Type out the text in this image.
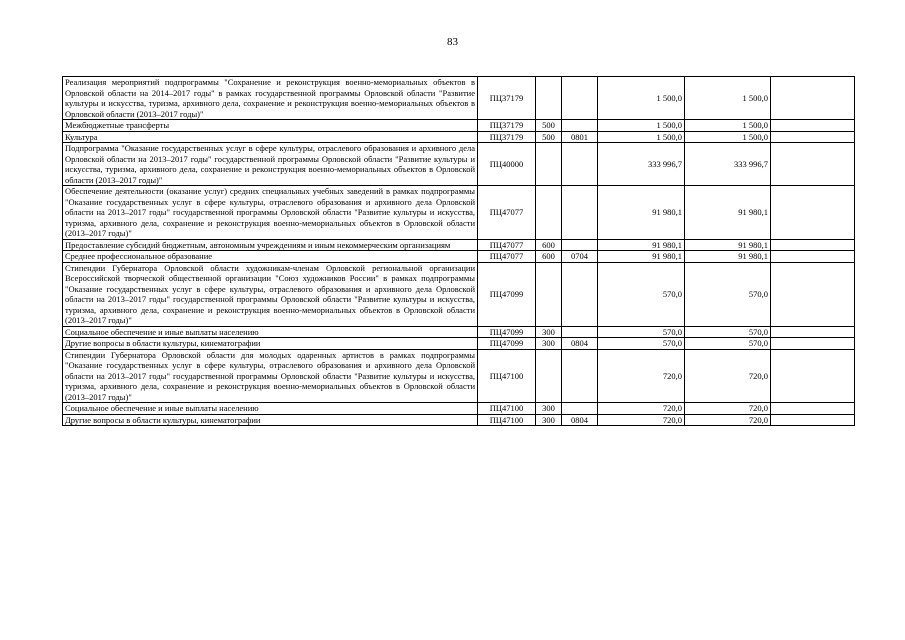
83
Реализация мероприятий подпрограммы "Сохранение и реконструкция военно-мемориальных объектов в Орловской области на 2014–2017 годы" в рамках государственной программы Орловской области "Развитие культуры и искусства, туризма, архивного дела, сохранение и реконструкция военно-мемориальных объектов в Орловской области (2013–2017 годы)"	ПЦ37179			1 500,0	1 500,0	
Межбюджетные трансферты	ПЦ37179	500		1 500,0	1 500,0	
Культура	ПЦ37179	500	0801	1 500,0	1 500,0	
Подпрограмма "Оказание государственных услуг в сфере культуры, отраслевого образования и архивного дела Орловской области на 2013–2017 годы" государственной программы Орловской области "Развитие культуры и искусства, туризма, архивного дела, сохранение и реконструкция военно-мемориальных объектов в Орловской области (2013–2017 годы)"	ПЦ40000			333 996,7	333 996,7	
Обеспечение деятельности (оказание услуг) средних специальных учебных заведений в рамках подпрограммы "Оказание государственных услуг в сфере культуры, отраслевого образования и архивного дела Орловской области на 2013–2017 годы" государственной программы Орловской области "Развитие культуры и искусства, туризма, архивного дела, сохранение и реконструкция военно-мемориальных объектов в Орловской области (2013–2017 годы)"	ПЦ47077			91 980,1	91 980,1	
Предоставление субсидий бюджетным, автономным учреждениям и иным некоммерческим организациям	ПЦ47077	600		91 980,1	91 980,1	
Среднее профессиональное образование	ПЦ47077	600	0704	91 980,1	91 980,1	
Стипендии Губернатора Орловской области художникам-членам Орловской региональной организации Всероссийской творческой общественной организации "Союз художников России" в рамках подпрограммы "Оказание государственных услуг в сфере культуры, отраслевого образования и архивного дела Орловской области на 2013–2017 годы" государственной программы Орловской области "Развитие культуры и искусства, туризма, архивного дела, сохранение и реконструкция военно-мемориальных объектов в Орловской области (2013–2017 годы)"	ПЦ47099			570,0	570,0	
Социальное обеспечение и иные выплаты населению	ПЦ47099	300		570,0	570,0	
Другие вопросы в области культуры, кинематографии	ПЦ47099	300	0804	570,0	570,0	
Стипендии Губернатора Орловской области для молодых одаренных артистов в рамках подпрограммы "Оказание государственных услуг в сфере культуры, отраслевого образования и архивного дела Орловской области на 2013–2017 годы" государственной программы Орловской области "Развитие культуры и искусства, туризма, архивного дела, сохранение и реконструкция военно-мемориальных объектов в Орловской области (2013–2017 годы)"	ПЦ47100			720,0	720,0	
Социальное обеспечение и иные выплаты населению	ПЦ47100	300		720,0	720,0	
Другие вопросы в области культуры, кинематографии	ПЦ47100	300	0804	720,0	720,0	
